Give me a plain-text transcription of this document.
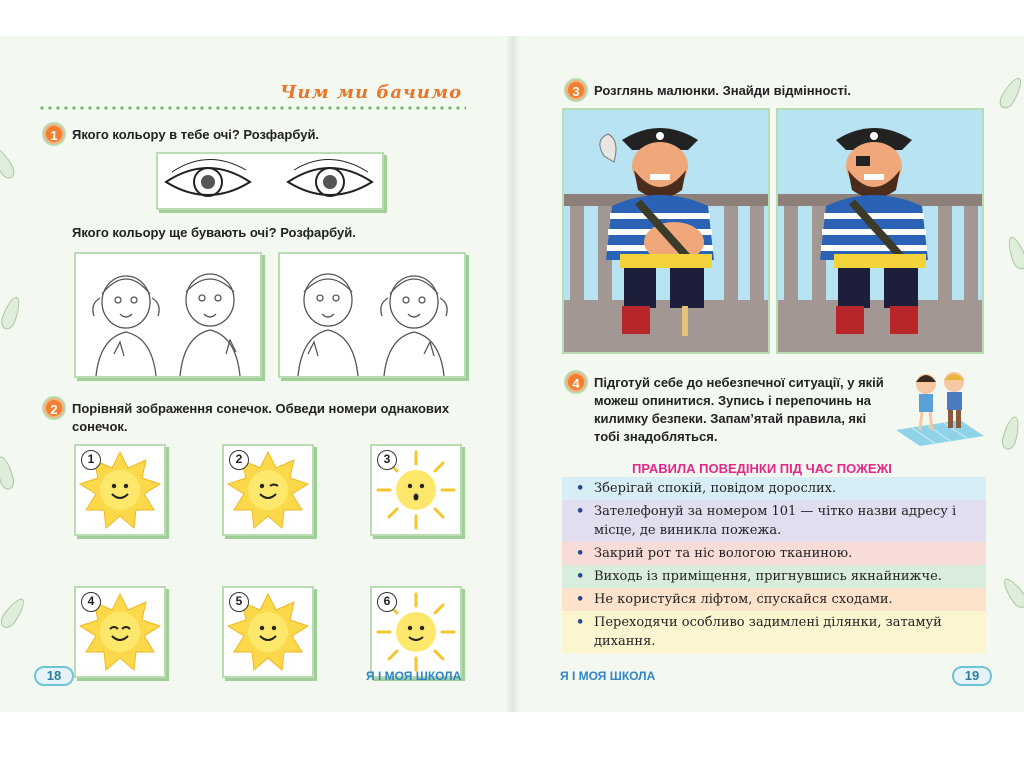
Чим ми бачимо
1	Якого кольору в тебе очі? Розфарбуй.
Якого кольору ще бувають очі? Розфарбуй.
2	Порівняй зображення сонечок. Обведи номери однакових сонечок.
1	2	3
4	5	6
18	Я І МОЯ ШКОЛА
3	Розглянь малюнки. Знайди відмінності.
4	Підготуй себе до небезпечної ситуації, у якій можеш опинитися. Зупись і перепочинь на килимку безпеки. Запам’ятай правила, які тобі знадобляться.
ПРАВИЛА ПОВЕДІНКИ ПІД ЧАС ПОЖЕЖІ
• Зберігай спокій, повідом дорослих.
• Зателефонуй за номером 101 — чітко назви адресу і місце, де виникла пожежа.
• Закрий рот та ніс вологою тканиною.
• Виходь із приміщення, пригнувшись якнайнижче.
• Не користуйся ліфтом, спускайся сходами.
• Переходячи особливо задимлені ділянки, затамуй дихання.
Я І МОЯ ШКОЛА	19
